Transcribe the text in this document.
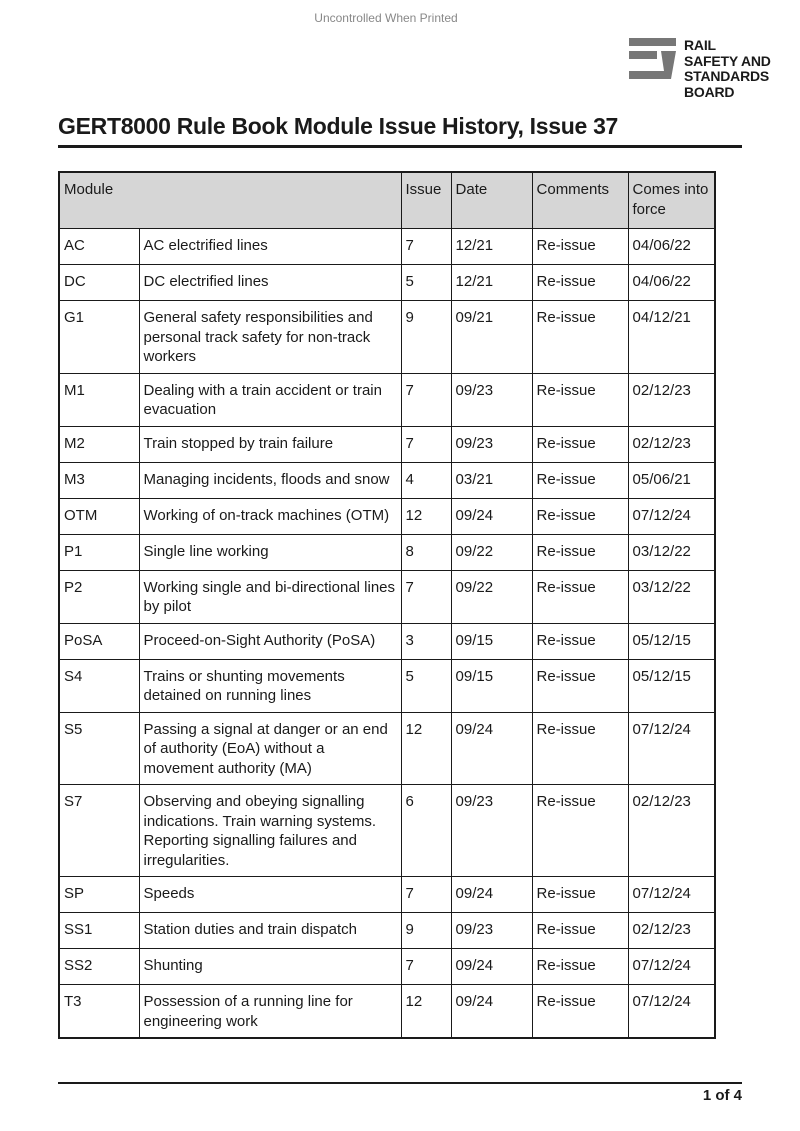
Uncontrolled When Printed
RAIL
SAFETY AND
STANDARDS
BOARD
GERT8000 Rule Book Module Issue History, Issue 37
Module		Issue	Date	Comments	Comes into force
AC	AC electrified lines	7	12/21	Re-issue	04/06/22
DC	DC electrified lines	5	12/21	Re-issue	04/06/22
G1	General safety responsibilities and personal track safety for non-track workers	9	09/21	Re-issue	04/12/21
M1	Dealing with a train accident or train evacuation	7	09/23	Re-issue	02/12/23
M2	Train stopped by train failure	7	09/23	Re-issue	02/12/23
M3	Managing incidents, floods and snow	4	03/21	Re-issue	05/06/21
OTM	Working of on-track machines (OTM)	12	09/24	Re-issue	07/12/24
P1	Single line working	8	09/22	Re-issue	03/12/22
P2	Working single and bi-directional lines by pilot	7	09/22	Re-issue	03/12/22
PoSA	Proceed-on-Sight Authority (PoSA)	3	09/15	Re-issue	05/12/15
S4	Trains or shunting movements detained on running lines	5	09/15	Re-issue	05/12/15
S5	Passing a signal at danger or an end of authority (EoA) without a movement authority (MA)	12	09/24	Re-issue	07/12/24
S7	Observing and obeying signalling indications. Train warning systems. Reporting signalling failures and irregularities.	6	09/23	Re-issue	02/12/23
SP	Speeds	7	09/24	Re-issue	07/12/24
SS1	Station duties and train dispatch	9	09/23	Re-issue	02/12/23
SS2	Shunting	7	09/24	Re-issue	07/12/24
T3	Possession of a running line for engineering work	12	09/24	Re-issue	07/12/24
1 of 4
